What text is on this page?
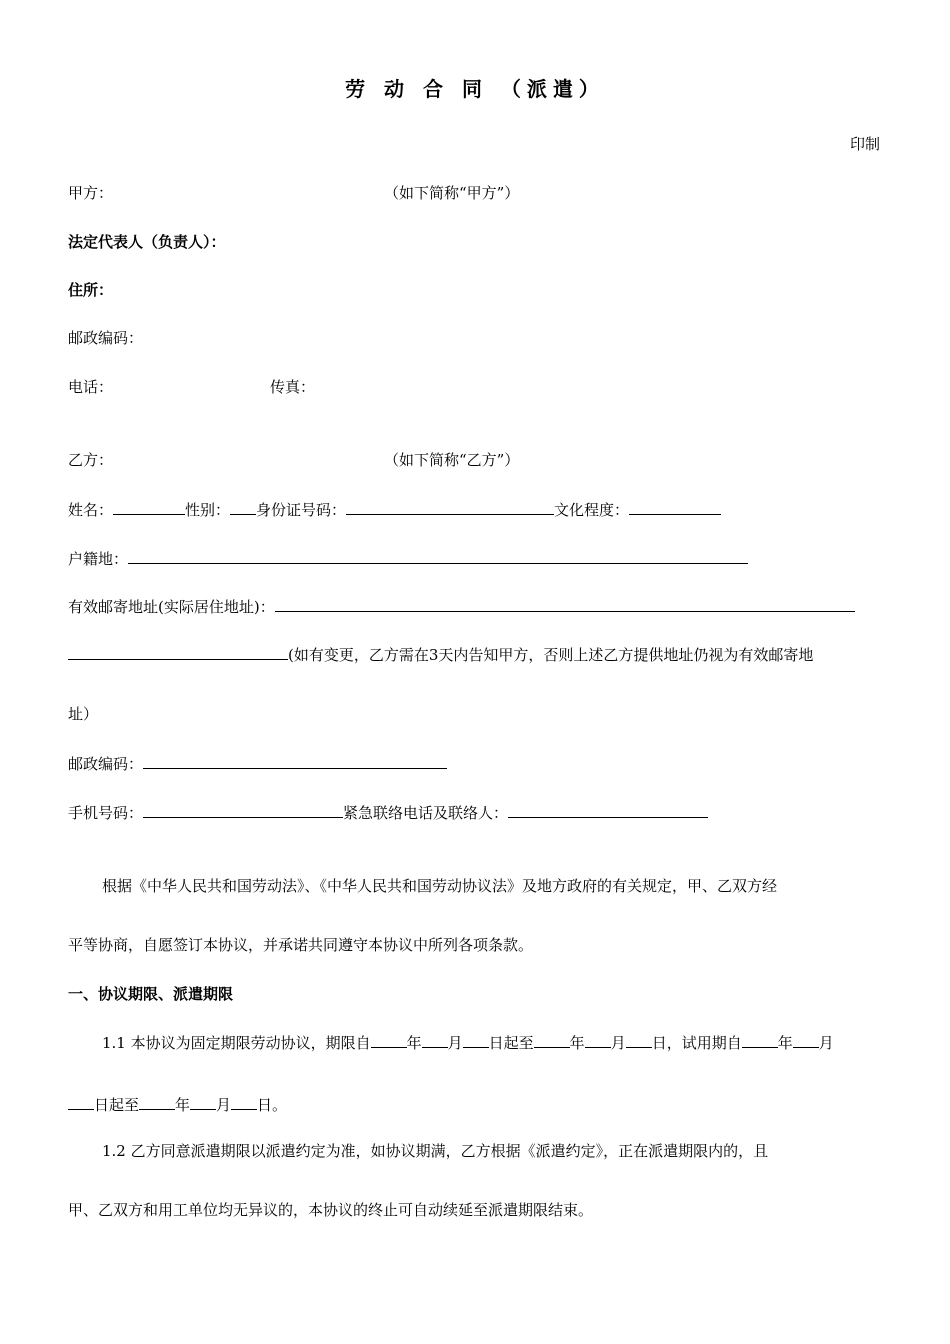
劳 动 合 同 （派遣）
印制
甲方：	（如下简称“甲方”）
法定代表人（负责人）：
住所：
邮政编码：
电话：	传真：
乙方：	（如下简称“乙方”）
姓名：	性别： 身份证号码：	文化程度：
户籍地：
有效邮寄地址(实际居住地址)：
(如有变更，乙方需在3天内告知甲方，否则上述乙方提供地址仍视为有效邮寄地
址）
邮政编码：
手机号码：	紧急联络电话及联络人：
根据《中华人民共和国劳动法》、《中华人民共和国劳动协议法》及地方政府的有关规定，甲、乙双方经
平等协商，自愿签订本协议，并承诺共同遵守本协议中所列各项条款。
一、协议期限、派遣期限
1.1 本协议为固定期限劳动协议，期限自 年 月 日起至 年 月 日，试用期自 年 月
日起至 年 月 日。
1.2 乙方同意派遣期限以派遣约定为准，如协议期满，乙方根据《派遣约定》，正在派遣期限内的，且
甲、乙双方和用工单位均无异议的，本协议的终止可自动续延至派遣期限结束。
